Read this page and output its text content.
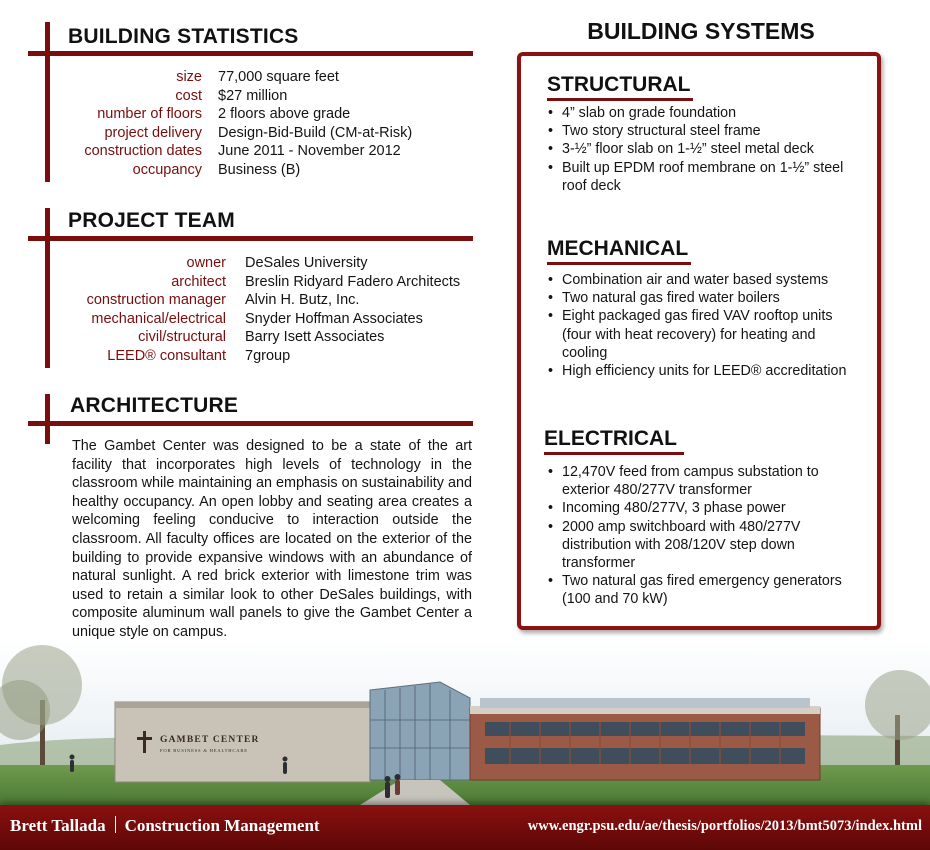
BUILDING STATISTICS
size 77,000 square feet
cost $27 million
number of floors 2 floors above grade
project delivery Design-Bid-Build (CM-at-Risk)
construction dates June 2011 - November 2012
occupancy Business (B)
PROJECT TEAM
owner DeSales University
architect Breslin Ridyard Fadero Architects
construction manager Alvin H. Butz, Inc.
mechanical/electrical Snyder Hoffman Associates
civil/structural Barry Isett Associates
LEED® consultant 7group
ARCHITECTURE
The Gambet Center was designed to be a state of the art facility that incorporates high levels of technology in the classroom while maintaining an emphasis on sustainability and healthy occupancy. An open lobby and seating area creates a welcoming feeling conducive to interaction outside the classroom. All faculty offices are located on the exterior of the building to provide expansive windows with an abundance of natural sunlight. A red brick exterior with limestone trim was used to retain a similar look to other DeSales buildings, with composite aluminum wall panels to give the Gambet Center a unique style on campus.
BUILDING SYSTEMS
STRUCTURAL
• 4” slab on grade foundation
• Two story structural steel frame
• 3-½” floor slab on 1-½” steel metal deck
• Built up EPDM roof membrane on 1-½” steel roof deck
MECHANICAL
• Combination air and water based systems
• Two natural gas fired water boilers
• Eight packaged gas fired VAV rooftop units (four with heat recovery) for heating and cooling
• High efficiency units for LEED® accreditation
ELECTRICAL
• 12,470V feed from campus substation to exterior 480/277V transformer
• Incoming 480/277V, 3 phase power
• 2000 amp switchboard with 480/277V distribution with 208/120V step down transformer
• Two natural gas fired emergency generators (100 and 70 kW)
GAMBET CENTER
FOR BUSINESS & HEALTHCARE
Brett Tallada Construction Management	www.engr.psu.edu/ae/thesis/portfolios/2013/bmt5073/index.html
